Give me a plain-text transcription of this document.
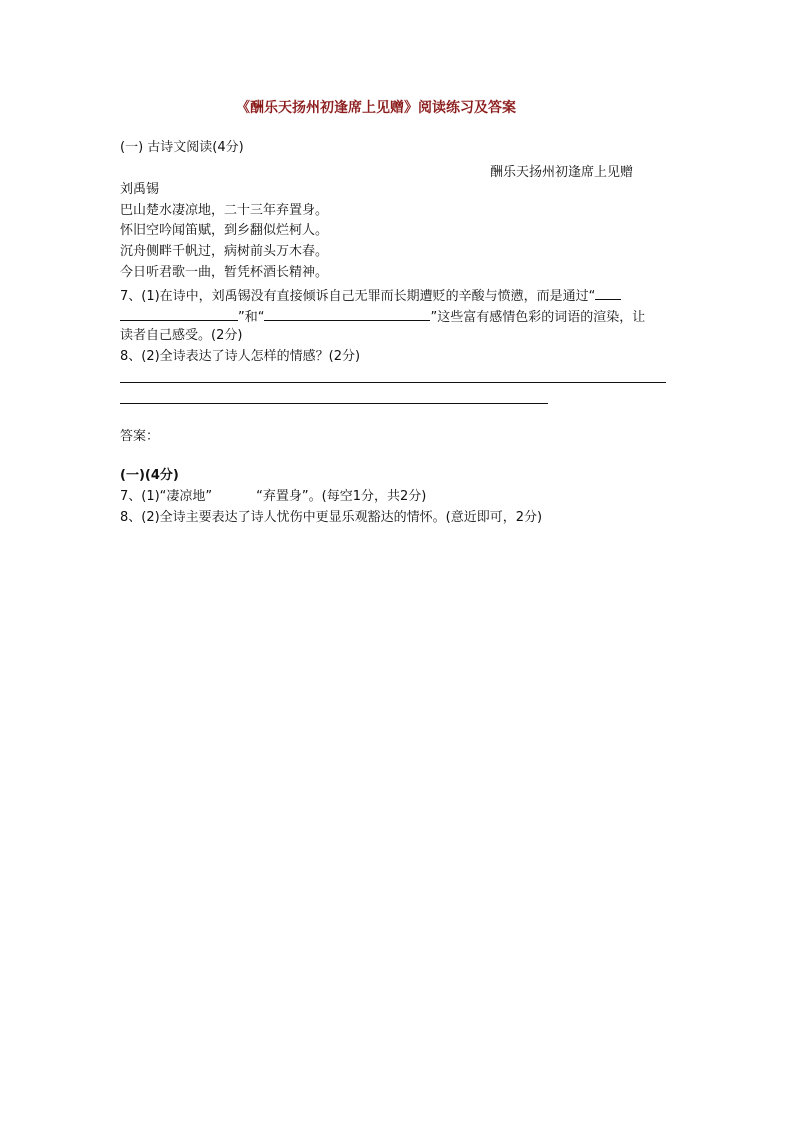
《酬乐天扬州初逢席上见赠》阅读练习及答案
(一) 古诗文阅读(4分)
酬乐天扬州初逢席上见赠
刘禹锡
巴山楚水凄凉地，二十三年弃置身。
怀旧空吟闻笛赋，到乡翻似烂柯人。
沉舟侧畔千帆过，病树前头万木春。
今日听君歌一曲，暂凭杯酒长精神。
7、(1)在诗中，刘禹锡没有直接倾诉自己无罪而长期遭贬的辛酸与愤懑，而是通过“
”和“	”这些富有感情色彩的词语的渲染，让
读者自己感受。(2分)
8、(2)全诗表达了诗人怎样的情感？(2分)
答案：
(一)(4分)
7、(1)“凄凉地”	“弃置身”。(每空1分，共2分)
8、(2)全诗主要表达了诗人忧伤中更显乐观豁达的情怀。(意近即可，2分)
